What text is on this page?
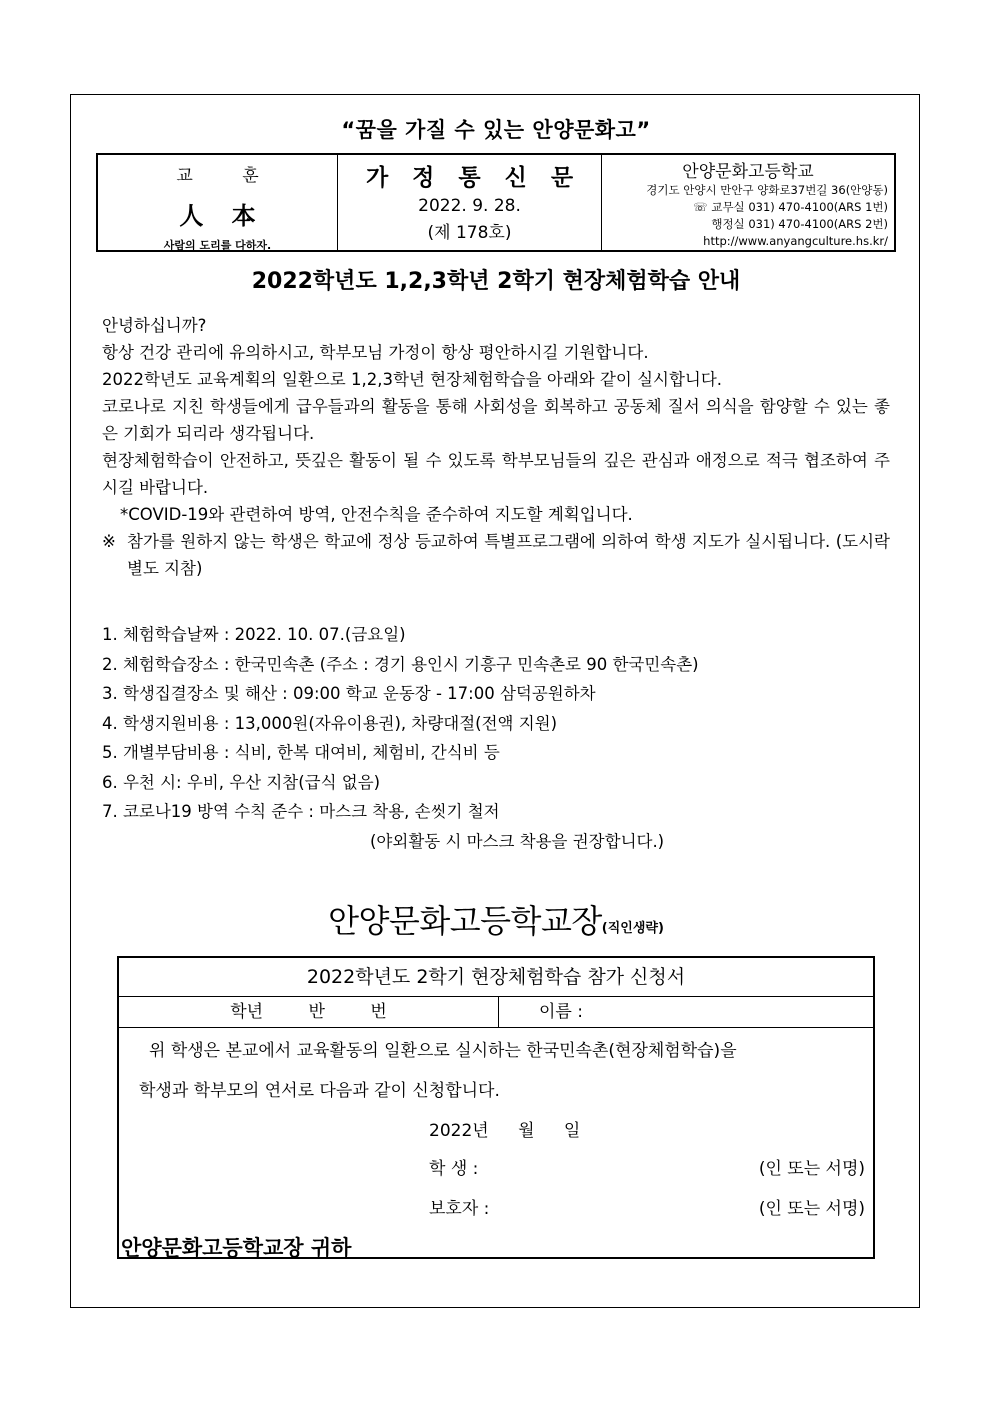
“꿈을 가질 수 있는 안양문화고”
교 훈
人 本
사람의 도리를 다하자.
가 정 통 신 문
2022. 9. 28.
(제 178호)
안양문화고등학교
경기도 안양시 만안구 양화로37번길 36(안양동)
☏ 교무실 031) 470-4100(ARS 1번)
행정실 031) 470-4100(ARS 2번)
http://www.anyangculture.hs.kr/
2022학년도 1,2,3학년 2학기 현장체험학습 안내

안녕하십니까?

항상 건강 관리에 유의하시고, 학부모님 가정이 항상 평안하시길 기원합니다.

2022학년도 교육계획의 일환으로 1,2,3학년 현장체험학습을 아래와 같이 실시합니다.

코로나로 지친 학생들에게 급우들과의 활동을 통해 사회성을 회복하고 공동체 질서 의식을 함양할 수 있는 좋은 기회가 되리라 생각됩니다.

현장체험학습이 안전하고, 뜻깊은 활동이 될 수 있도록 학부모님들의 깊은 관심과 애정으로 적극 협조하여 주시길 바랍니다.

*COVID-19와 관련하여 방역, 안전수칙을 준수하여 지도할 계획입니다.

※ 참가를 원하지 않는 학생은 학교에 정상 등교하여 특별프로그램에 의하여 학생 지도가 실시됩니다. (도시락 별도 지참)

1. 체험학습날짜 : 2022. 10. 07.(금요일)

2. 체험학습장소 : 한국민속촌 (주소 : 경기 용인시 기흥구 민속촌로 90 한국민속촌)

3. 학생집결장소 및 해산 : 09:00 학교 운동장 - 17:00 삼덕공원하차

4. 학생지원비용 : 13,000원(자유이용권), 차량대절(전액 지원)

5. 개별부담비용 : 식비, 한복 대여비, 체험비, 간식비 등

6. 우천 시: 우비, 우산 지참(급식 없음)

7. 코로나19 방역 수칙 준수 : 마스크 착용, 손씻기 철저

(야외활동 시 마스크 착용을 권장합니다.)

안양문화고등학교장(직인생략)
2022학년도 2학기 현장체험학습 참가 신청서
학년 반 번	이름 :
위 학생은 본교에서 교육활동의 일환으로 실시하는 한국민속촌(현장체험학습)을
학생과 학부모의 연서로 다음과 같이 신청합니다.
2022년 월 일
학 생 :	(인 또는 서명)
보호자 :	(인 또는 서명)
안양문화고등학교장 귀하
